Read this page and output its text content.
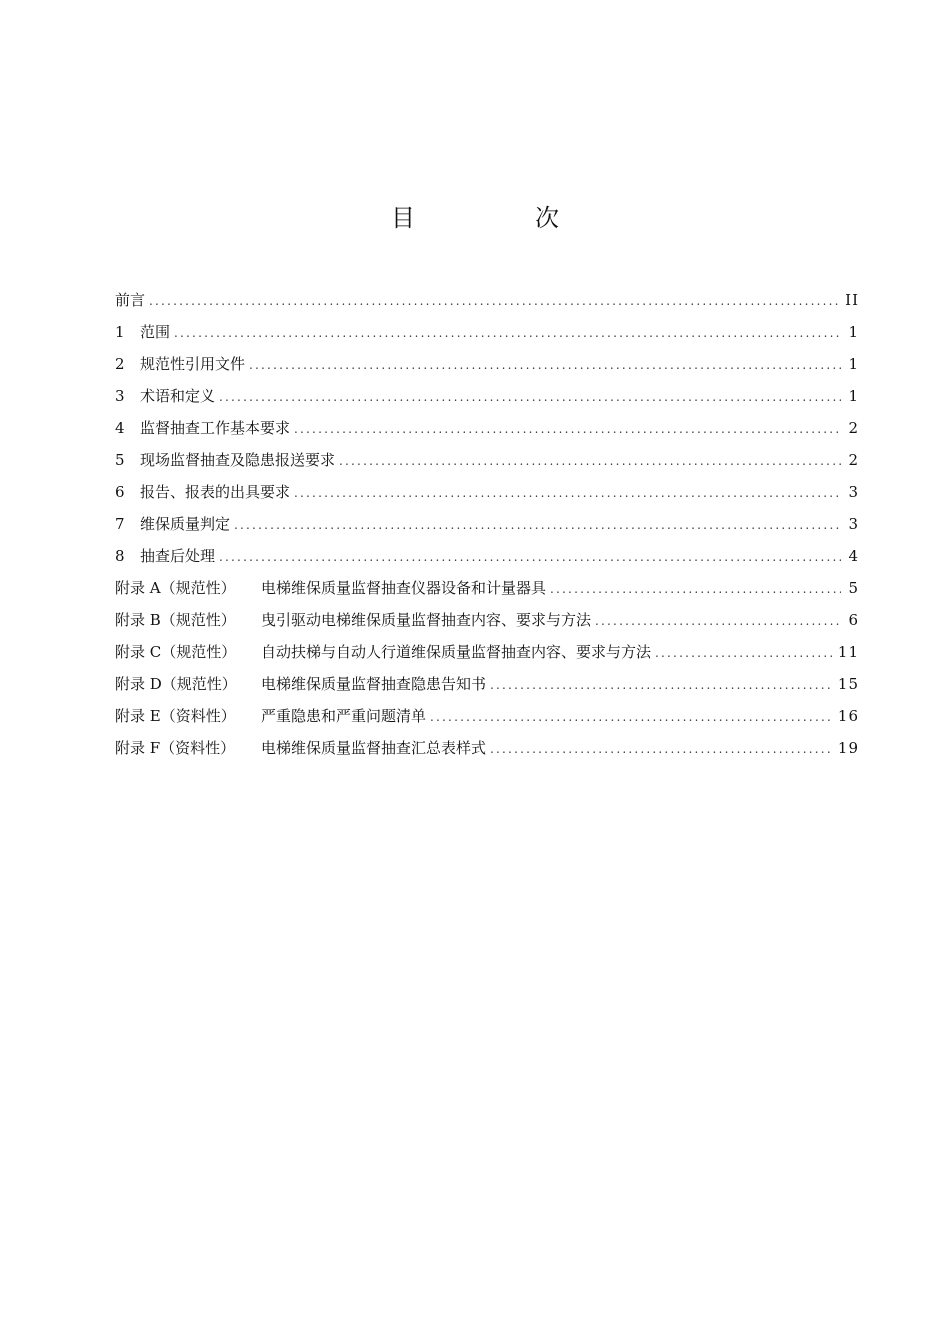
目　次
前言 .....	II
1	范围 .....	1
2	规范性引用文件 .....	1
3	术语和定义 .....	1
4	监督抽查工作基本要求 .....	2
5	现场监督抽查及隐患报送要求 .....	2
6	报告、报表的出具要求 .....	3
7	维保质量判定 .....	3
8	抽查后处理 .....	4
附录 A（规范性）	电梯维保质量监督抽查仪器设备和计量器具 .....	5
附录 B（规范性）	曳引驱动电梯维保质量监督抽查内容、要求与方法 .....	6
附录 C（规范性）	自动扶梯与自动人行道维保质量监督抽查内容、要求与方法 .....	11
附录 D（规范性）	电梯维保质量监督抽查隐患告知书 .....	15
附录 E（资料性）	严重隐患和严重问题清单 .....	16
附录 F（资料性）	电梯维保质量监督抽查汇总表样式 .....	19
